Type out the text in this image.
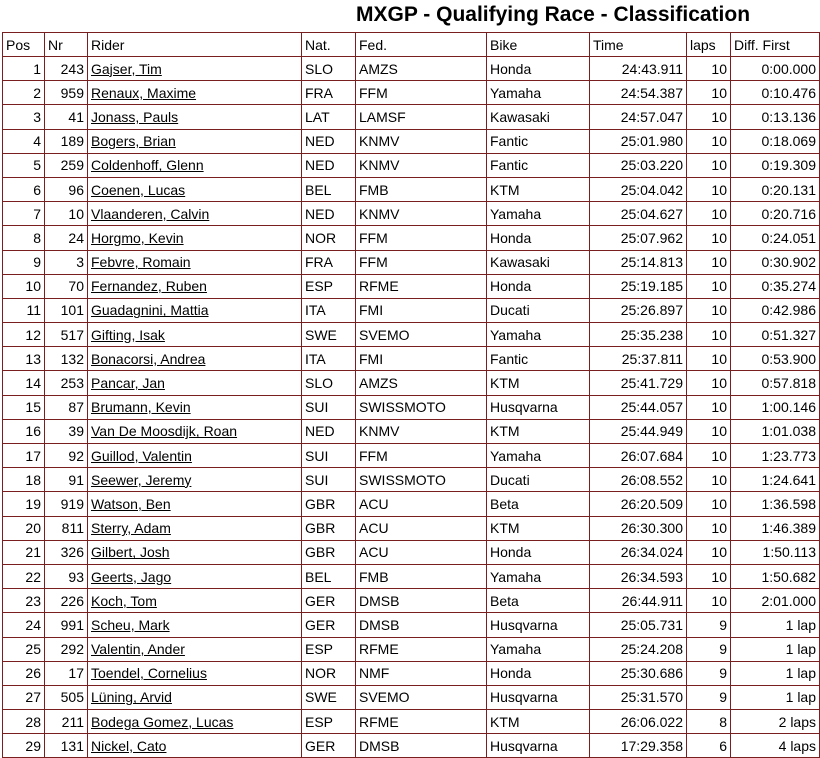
MXGP - Qualifying Race - Classification
Pos	Nr	Rider	Nat.	Fed.	Bike	Time	laps	Diff. First
1	243	Gajser, Tim	SLO	AMZS	Honda	24:43.911	10	0:00.000
2	959	Renaux, Maxime	FRA	FFM	Yamaha	24:54.387	10	0:10.476
3	41	Jonass, Pauls	LAT	LAMSF	Kawasaki	24:57.047	10	0:13.136
4	189	Bogers, Brian	NED	KNMV	Fantic	25:01.980	10	0:18.069
5	259	Coldenhoff, Glenn	NED	KNMV	Fantic	25:03.220	10	0:19.309
6	96	Coenen, Lucas	BEL	FMB	KTM	25:04.042	10	0:20.131
7	10	Vlaanderen, Calvin	NED	KNMV	Yamaha	25:04.627	10	0:20.716
8	24	Horgmo, Kevin	NOR	FFM	Honda	25:07.962	10	0:24.051
9	3	Febvre, Romain	FRA	FFM	Kawasaki	25:14.813	10	0:30.902
10	70	Fernandez, Ruben	ESP	RFME	Honda	25:19.185	10	0:35.274
11	101	Guadagnini, Mattia	ITA	FMI	Ducati	25:26.897	10	0:42.986
12	517	Gifting, Isak	SWE	SVEMO	Yamaha	25:35.238	10	0:51.327
13	132	Bonacorsi, Andrea	ITA	FMI	Fantic	25:37.811	10	0:53.900
14	253	Pancar, Jan	SLO	AMZS	KTM	25:41.729	10	0:57.818
15	87	Brumann, Kevin	SUI	SWISSMOTO	Husqvarna	25:44.057	10	1:00.146
16	39	Van De Moosdijk, Roan	NED	KNMV	KTM	25:44.949	10	1:01.038
17	92	Guillod, Valentin	SUI	FFM	Yamaha	26:07.684	10	1:23.773
18	91	Seewer, Jeremy	SUI	SWISSMOTO	Ducati	26:08.552	10	1:24.641
19	919	Watson, Ben	GBR	ACU	Beta	26:20.509	10	1:36.598
20	811	Sterry, Adam	GBR	ACU	KTM	26:30.300	10	1:46.389
21	326	Gilbert, Josh	GBR	ACU	Honda	26:34.024	10	1:50.113
22	93	Geerts, Jago	BEL	FMB	Yamaha	26:34.593	10	1:50.682
23	226	Koch, Tom	GER	DMSB	Beta	26:44.911	10	2:01.000
24	991	Scheu, Mark	GER	DMSB	Husqvarna	25:05.731	9	1 lap
25	292	Valentin, Ander	ESP	RFME	Yamaha	25:24.208	9	1 lap
26	17	Toendel, Cornelius	NOR	NMF	Honda	25:30.686	9	1 lap
27	505	Lüning, Arvid	SWE	SVEMO	Husqvarna	25:31.570	9	1 lap
28	211	Bodega Gomez, Lucas	ESP	RFME	KTM	26:06.022	8	2 laps
29	131	Nickel, Cato	GER	DMSB	Husqvarna	17:29.358	6	4 laps
